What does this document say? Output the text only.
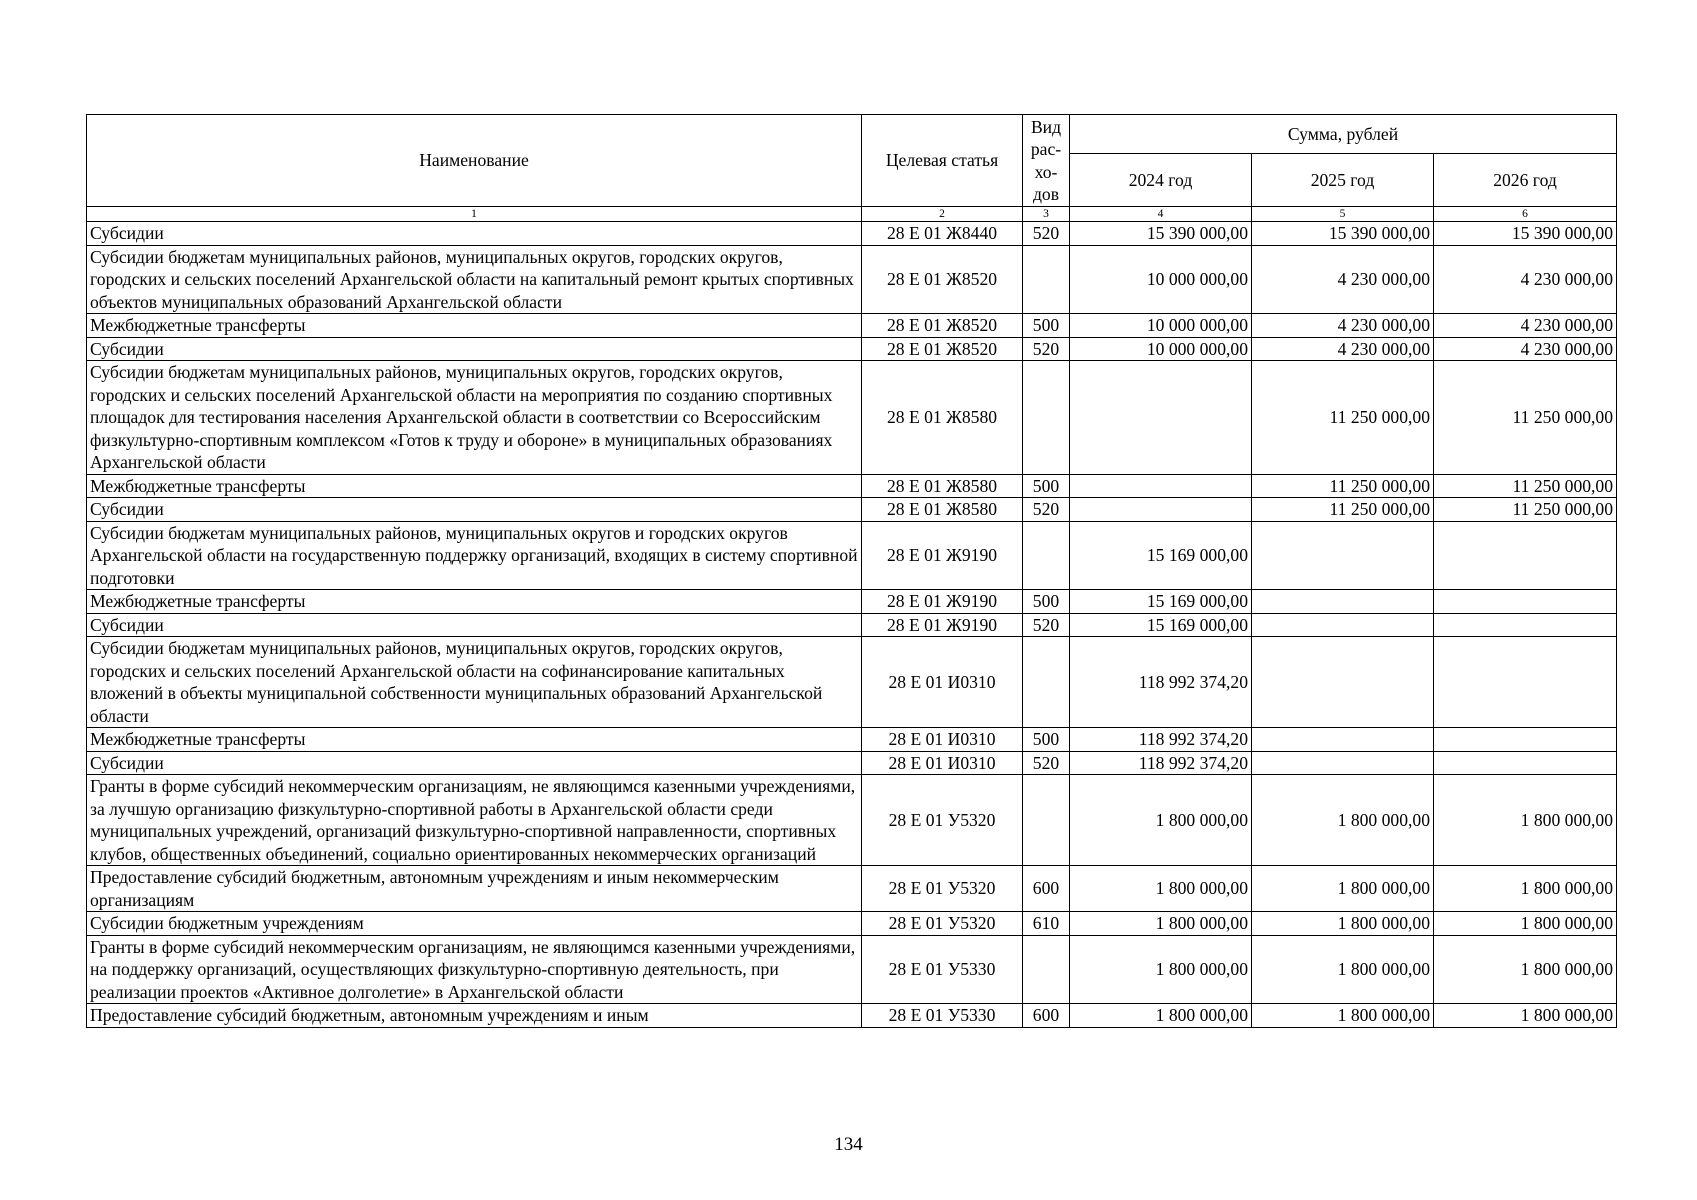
Наименование	Целевая статья	Вид рас-хо-дов	Сумма, рублей		
			2024 год	2025 год	2026 год
1	2	3	4	5	6
Субсидии	28 Е 01 Ж8440	520	15 390 000,00	15 390 000,00	15 390 000,00
Субсидии бюджетам муниципальных районов, муниципальных округов, городских округов, городских и сельских поселений Архангельской области на капитальный ремонт крытых спортивных объектов муниципальных образований Архангельской области	28 Е 01 Ж8520		10 000 000,00	4 230 000,00	4 230 000,00
Межбюджетные трансферты	28 Е 01 Ж8520	500	10 000 000,00	4 230 000,00	4 230 000,00
Субсидии	28 Е 01 Ж8520	520	10 000 000,00	4 230 000,00	4 230 000,00
Субсидии бюджетам муниципальных районов, муниципальных округов, городских округов, городских и сельских поселений Архангельской области на мероприятия по созданию спортивных площадок для тестирования населения Архангельской области в соответствии со Всероссийским физкультурно-спортивным комплексом «Готов к труду и обороне» в муниципальных образованиях Архангельской области	28 Е 01 Ж8580			11 250 000,00	11 250 000,00
Межбюджетные трансферты	28 Е 01 Ж8580	500		11 250 000,00	11 250 000,00
Субсидии	28 Е 01 Ж8580	520		11 250 000,00	11 250 000,00
Субсидии бюджетам муниципальных районов, муниципальных округов и городских округов Архангельской области на государственную поддержку организаций, входящих в систему спортивной подготовки	28 Е 01 Ж9190		15 169 000,00		
Межбюджетные трансферты	28 Е 01 Ж9190	500	15 169 000,00		
Субсидии	28 Е 01 Ж9190	520	15 169 000,00		
Субсидии бюджетам муниципальных районов, муниципальных округов, городских округов, городских и сельских поселений Архангельской области на софинансирование капитальных вложений в объекты муниципальной собственности муниципальных образований Архангельской области	28 Е 01 И0310		118 992 374,20		
Межбюджетные трансферты	28 Е 01 И0310	500	118 992 374,20		
Субсидии	28 Е 01 И0310	520	118 992 374,20		
Гранты в форме субсидий некоммерческим организациям, не являющимся казенными учреждениями, за лучшую организацию физкультурно-спортивной работы в Архангельской области среди муниципальных учреждений, организаций физкультурно-спортивной направленности, спортивных клубов, общественных объединений, социально ориентированных некоммерческих организаций	28 Е 01 У5320		1 800 000,00	1 800 000,00	1 800 000,00
Предоставление субсидий бюджетным, автономным учреждениям и иным некоммерческим организациям	28 Е 01 У5320	600	1 800 000,00	1 800 000,00	1 800 000,00
Субсидии бюджетным учреждениям	28 Е 01 У5320	610	1 800 000,00	1 800 000,00	1 800 000,00
Гранты в форме субсидий некоммерческим организациям, не являющимся казенными учреждениями, на поддержку организаций, осуществляющих физкультурно-спортивную деятельность, при реализации проектов «Активное долголетие» в Архангельской области	28 Е 01 У5330		1 800 000,00	1 800 000,00	1 800 000,00
Предоставление субсидий бюджетным, автономным учреждениям и иным	28 Е 01 У5330	600	1 800 000,00	1 800 000,00	1 800 000,00
134
